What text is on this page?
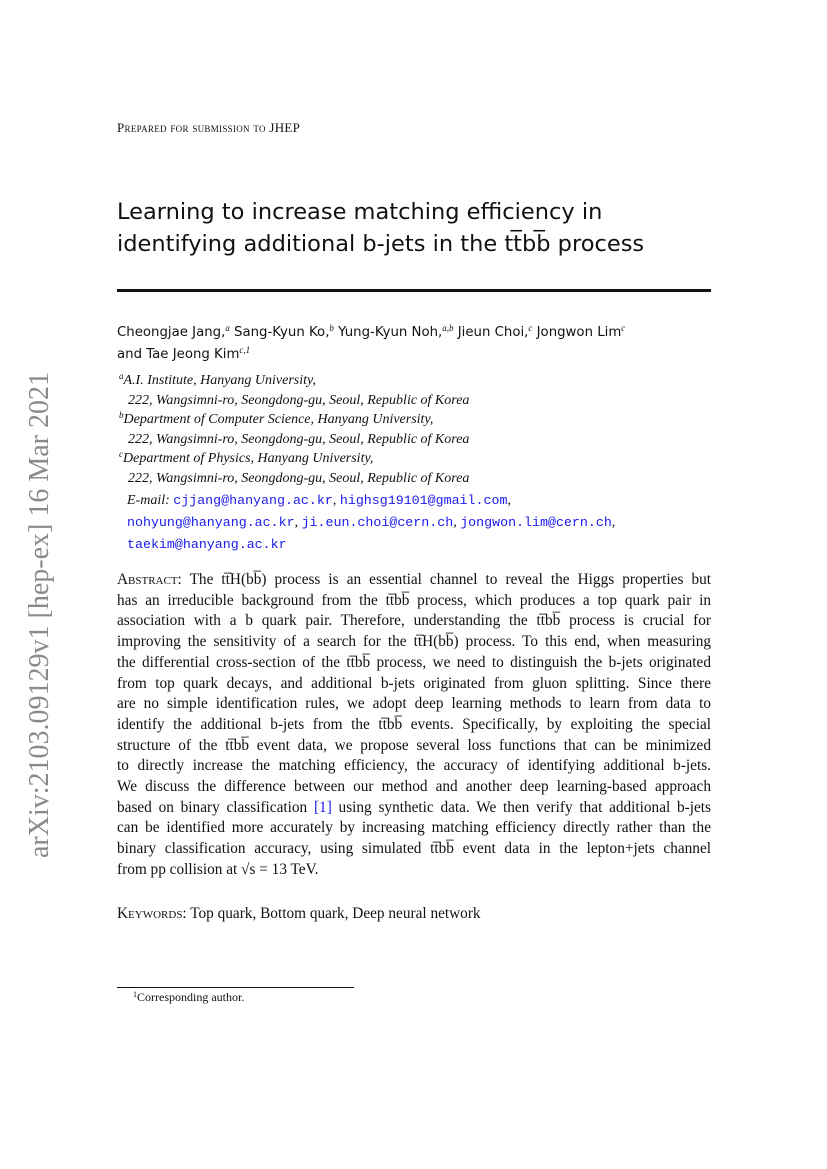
arXiv:2103.09129v1 [hep-ex] 16 Mar 2021
Prepared for submission to JHEP
Learning to increase matching efficiency in
identifying additional b-jets in the tt̅bb̅ process
Cheongjae Jang,$^a$ Sang-Kyun Ko,$^b$ Yung-Kyun Noh,$^{a,b}$ Jieun Choi,$^c$ Jongwon Lim$^c$
and Tae Jeong Kim$^{c,1}$
$^a$A.I. Institute, Hanyang University,
222, Wangsimni-ro, Seongdong-gu, Seoul, Republic of Korea
$^b$Department of Computer Science, Hanyang University,
222, Wangsimni-ro, Seongdong-gu, Seoul, Republic of Korea
$^c$Department of Physics, Hanyang University,
222, Wangsimni-ro, Seongdong-gu, Seoul, Republic of Korea
E-mail: cjjang@hanyang.ac.kr, highsg19101@gmail.com,
nohyung@hanyang.ac.kr, ji.eun.choi@cern.ch, jongwon.lim@cern.ch,
taekim@hanyang.ac.kr
Abstract: The tt̅H(bb̅) process is an essential channel to reveal the Higgs properties but
has an irreducible background from the tt̅bb̅ process, which produces a top quark pair in
association with a b quark pair. Therefore, understanding the tt̅bb̅ process is crucial for
improving the sensitivity of a search for the tt̅H(bb̅) process. To this end, when measuring
the differential cross-section of the tt̅bb̅ process, we need to distinguish the b-jets originated
from top quark decays, and additional b-jets originated from gluon splitting. Since there
are no simple identification rules, we adopt deep learning methods to learn from data to
identify the additional b-jets from the tt̅bb̅ events. Specifically, by exploiting the special
structure of the tt̅bb̅ event data, we propose several loss functions that can be minimized
to directly increase the matching efficiency, the accuracy of identifying additional b-jets.
We discuss the difference between our method and another deep learning-based approach
based on binary classification [1] using synthetic data. We then verify that additional b-jets
can be identified more accurately by increasing matching efficiency directly rather than the
binary classification accuracy, using simulated tt̅bb̅ event data in the lepton+jets channel
from pp collision at √s = 13 TeV.
Keywords: Top quark, Bottom quark, Deep neural network
$^1$Corresponding author.
